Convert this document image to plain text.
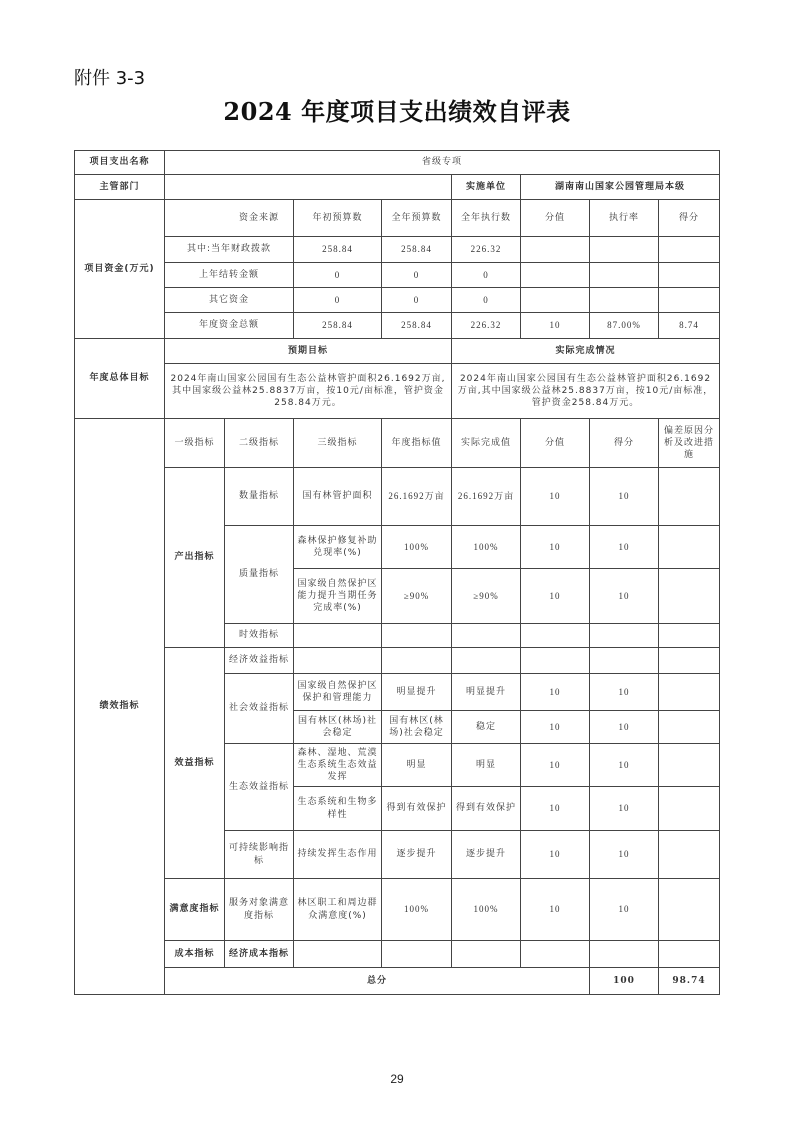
附件 3-3
2024 年度项目支出绩效自评表
项目支出名称	省级专项								
主管部门					实施单位	湖南南山国家公园管理局本级			
项目资金(万元)	资金来源		年初预算数	全年预算数	全年执行数	分值	执行率	得分	
	其中:当年财政拨款		258.84	258.84	226.32				
	上年结转金额		0	0	0				
	其它资金		0	0	0				
	年度资金总额		258.84	258.84	226.32	10	87.00%	8.74	
年度总体目标	预期目标				实际完成情况				
	2024年南山国家公园国有生态公益林管护面积26.1692万亩,其中国家级公益林25.8837万亩，按10元/亩标准，管护资金258.84万元。				2024年南山国家公园国有生态公益林管护面积26.1692万亩,其中国家级公益林25.8837万亩，按10元/亩标准，管护资金258.84万元。				
绩效指标	一级指标	二级指标	三级指标	年度指标值	实际完成值	分值	得分	偏差原因分析及改进措施	
	产出指标	数量指标	国有林管护面积	26.1692万亩	26.1692万亩	10	10		
		质量指标	森林保护修复补助兑现率(%)	100%	100%	10	10		
			国家级自然保护区能力提升当期任务完成率(%)	≥90%	≥90%	10	10		
		时效指标							
	效益指标	经济效益指标							
		社会效益指标	国家级自然保护区保护和管理能力	明显提升	明显提升	10	10		
			国有林区(林场)社会稳定	国有林区(林场)社会稳定	稳定	10	10		
		生态效益指标	森林、湿地、荒漠生态系统生态效益发挥	明显	明显	10	10		
			生态系统和生物多样性	得到有效保护	得到有效保护	10	10		
		可持续影响指标	持续发挥生态作用	逐步提升	逐步提升	10	10		
	满意度指标	服务对象满意度指标	林区职工和周边群众满意度(%)	100%	100%	10	10		
	成本指标	经济成本指标							
	总分						100	98.74	
29
